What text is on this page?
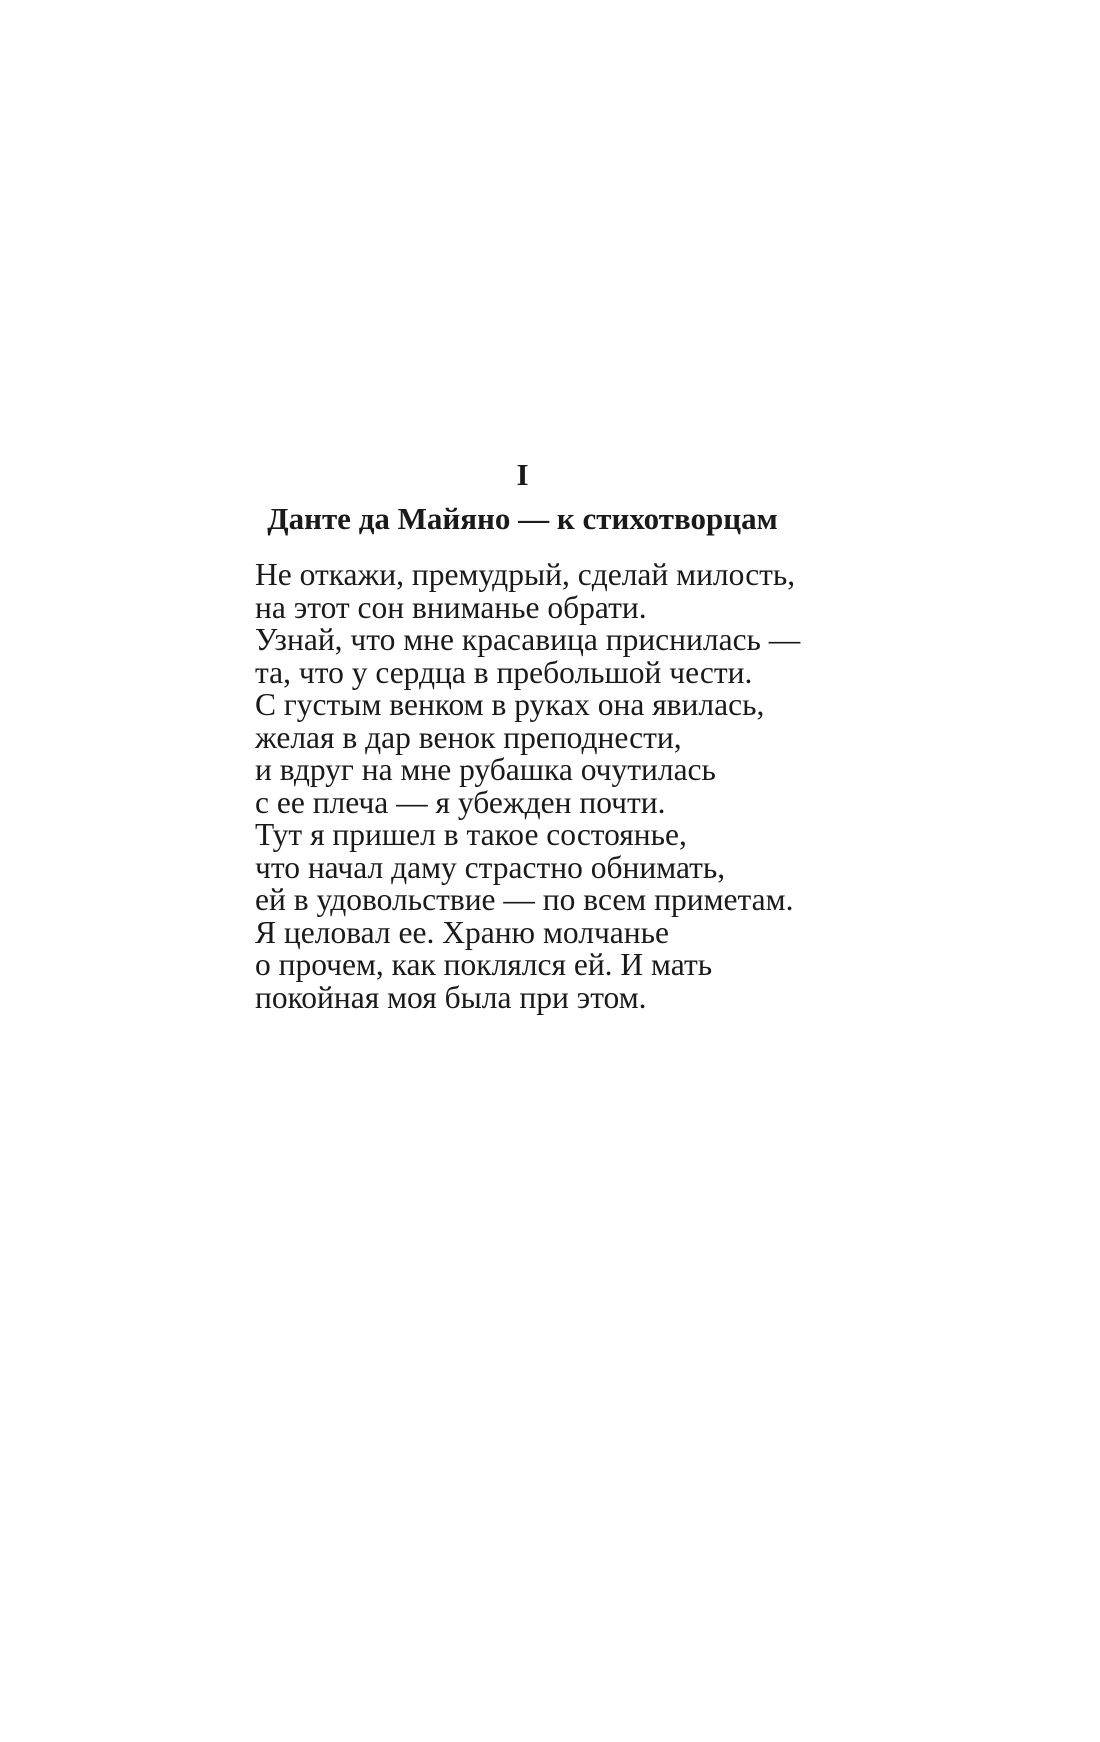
I
Данте да Майяно — к стихотворцам
Не откажи, премудрый, сделай милость,
на этот сон вниманье обрати.
Узнай, что мне красавица приснилась —
та, что у сердца в пребольшой чести.
С густым венком в руках она явилась,
желая в дар венок преподнести,
и вдруг на мне рубашка очутилась
с ее плеча — я убежден почти.
Тут я пришел в такое состоянье,
что начал даму страстно обнимать,
ей в удовольствие — по всем приметам.
Я целовал ее. Храню молчанье
о прочем, как поклялся ей. И мать
покойная моя была при этом.
